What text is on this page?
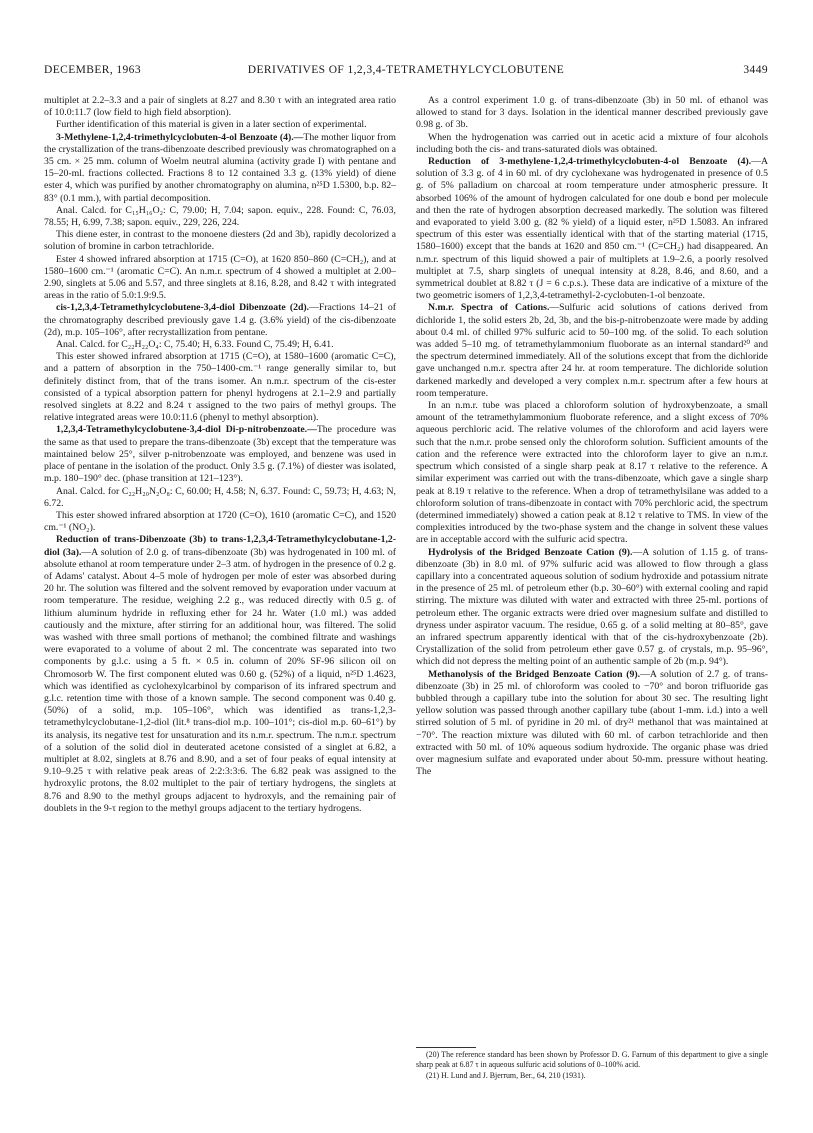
DECEMBER, 1963	DERIVATIVES OF 1,2,3,4-TETRAMETHYLCYCLOBUTENE	3449

multiplet at 2.2–3.3 and a pair of singlets at 8.27 and 8.30 τ with an integrated area ratio of 10.0:11.7 (low field to high field absorption).

Further identification of this material is given in a later section of experimental.

3-Methylene-1,2,4-trimethylcyclobuten-4-ol Benzoate (4).—The mother liquor from the crystallization of the trans-dibenzoate described previously was chromatographed on a 35 cm. × 25 mm. column of Woelm neutral alumina (activity grade I) with pentane and 15–20-ml. fractions collected. Fractions 8 to 12 contained 3.3 g. (13% yield) of diene ester 4, which was purified by another chromatography on alumina, n²⁵D 1.5300, b.p. 82–83° (0.1 mm.), with partial decomposition.

Anal. Calcd. for C₁₅H₁₆O₂: C, 79.00; H, 7.04; sapon. equiv., 228. Found: C, 76.03, 78.55; H, 6.99, 7.38; sapon. equiv., 229, 226, 224.

This diene ester, in contrast to the monoene diesters (2d and 3b), rapidly decolorized a solution of bromine in carbon tetrachloride.

Ester 4 showed infrared absorption at 1715 (C=O), at 1620 850–860 (C=CH₂), and at 1580–1600 cm.⁻¹ (aromatic C=C). An n.m.r. spectrum of 4 showed a multiplet at 2.00–2.90, singlets at 5.06 and 5.57, and three singlets at 8.16, 8.28, and 8.42 τ with integrated areas in the ratio of 5.0:1.9:9.5.

cis-1,2,3,4-Tetramethylcyclobutene-3,4-diol Dibenzoate (2d).—Fractions 14–21 of the chromatography described previously gave 1.4 g. (3.6% yield) of the cis-dibenzoate (2d), m.p. 105–106°, after recrystallization from pentane.

Anal. Calcd. for C₂₂H₂₂O₄: C, 75.40; H, 6.33. Found C, 75.49; H, 6.41.

This ester showed infrared absorption at 1715 (C=O), at 1580–1600 (aromatic C=C), and a pattern of absorption in the 750–1400-cm.⁻¹ range generally similar to, but definitely distinct from, that of the trans isomer. An n.m.r. spectrum of the cis-ester consisted of a typical absorption pattern for phenyl hydrogens at 2.1–2.9 and partially resolved singlets at 8.22 and 8.24 τ assigned to the two pairs of methyl groups. The relative integrated areas were 10.0:11.6 (phenyl to methyl absorption).

1,2,3,4-Tetramethylcyclobutene-3,4-diol Di-p-nitrobenzoate.—The procedure was the same as that used to prepare the trans-dibenzoate (3b) except that the temperature was maintained below 25°, silver p-nitrobenzoate was employed, and benzene was used in place of pentane in the isolation of the product. Only 3.5 g. (7.1%) of diester was isolated, m.p. 180–190° dec. (phase transition at 121–123°).

Anal. Calcd. for C₂₂H₂₀N₂O₈: C, 60.00; H, 4.58; N, 6.37. Found: C, 59.73; H, 4.63; N, 6.72.

This ester showed infrared absorption at 1720 (C=O), 1610 (aromatic C=C), and 1520 cm.⁻¹ (NO₂).

Reduction of trans-Dibenzoate (3b) to trans-1,2,3,4-Tetramethylcyclobutane-1,2-diol (3a).—A solution of 2.0 g. of trans-dibenzoate (3b) was hydrogenated in 100 ml. of absolute ethanol at room temperature under 2–3 atm. of hydrogen in the presence of 0.2 g. of Adams' catalyst. About 4–5 mole of hydrogen per mole of ester was absorbed during 20 hr. The solution was filtered and the solvent removed by evaporation under vacuum at room temperature. The residue, weighing 2.2 g., was reduced directly with 0.5 g. of lithium aluminum hydride in refluxing ether for 24 hr. Water (1.0 ml.) was added cautiously and the mixture, after stirring for an additional hour, was filtered. The solid was washed with three small portions of methanol; the combined filtrate and washings were evaporated to a volume of about 2 ml. The concentrate was separated into two components by g.l.c. using a 5 ft. × 0.5 in. column of 20% SF-96 silicon oil on Chromosorb W. The first component eluted was 0.60 g. (52%) of a liquid, n²⁵D 1.4623, which was identified as cyclohexylcarbinol by comparison of its infrared spectrum and g.l.c. retention time with those of a known sample. The second component was 0.40 g. (50%) of a solid, m.p. 105–106°, which was identified as trans-1,2,3-tetramethylcyclobutane-1,2-diol (lit.⁸ trans-diol m.p. 100–101°; cis-diol m.p. 60–61°) by its analysis, its negative test for unsaturation and its n.m.r. spectrum. The n.m.r. spectrum of a solution of the solid diol in deuterated acetone consisted of a singlet at 6.82, a multiplet at 8.02, singlets at 8.76 and 8.90, and a set of four peaks of equal intensity at 9.10–9.25 τ with relative peak areas of 2:2:3:3:6. The 6.82 peak was assigned to the hydroxylic protons, the 8.02 multiplet to the pair of tertiary hydrogens, the singlets at 8.76 and 8.90 to the methyl groups adjacent to hydroxyls, and the remaining pair of doublets in the 9-τ region to the methyl groups adjacent to the tertiary hydrogens.

As a control experiment 1.0 g. of trans-dibenzoate (3b) in 50 ml. of ethanol was allowed to stand for 3 days. Isolation in the identical manner described previously gave 0.98 g. of 3b.

When the hydrogenation was carried out in acetic acid a mixture of four alcohols including both the cis- and trans-saturated diols was obtained.

Reduction of 3-methylene-1,2,4-trimethylcyclobuten-4-ol Benzoate (4).—A solution of 3.3 g. of 4 in 60 ml. of dry cyclohexane was hydrogenated in presence of 0.5 g. of 5% palladium on charcoal at room temperature under atmospheric pressure. It absorbed 106% of the amount of hydrogen calculated for one doub e bond per molecule and then the rate of hydrogen absorption decreased markedly. The solution was filtered and evaporated to yield 3.00 g. (82 % yield) of a liquid ester, n²⁵D 1.5083. An infrared spectrum of this ester was essentially identical with that of the starting material (1715, 1580–1600) except that the bands at 1620 and 850 cm.⁻¹ (C=CH₂) had disappeared. An n.m.r. spectrum of this liquid showed a pair of multiplets at 1.9–2.6, a poorly resolved multiplet at 7.5, sharp singlets of unequal intensity at 8.28, 8.46, and 8.60, and a symmetrical doublet at 8.82 τ (J = 6 c.p.s.). These data are indicative of a mixture of the two geometric isomers of 1,2,3,4-tetramethyl-2-cyclobuten-1-ol benzoate.

N.m.r. Spectra of Cations.—Sulfuric acid solutions of cations derived from dichloride 1, the solid esters 2b, 2d, 3b, and the bis-p-nitrobenzoate were made by adding about 0.4 ml. of chilled 97% sulfuric acid to 50–100 mg. of the solid. To each solution was added 5–10 mg. of tetramethylammonium fluoborate as an internal standard²⁰ and the spectrum determined immediately. All of the solutions except that from the dichloride gave unchanged n.m.r. spectra after 24 hr. at room temperature. The dichloride solution darkened markedly and developed a very complex n.m.r. spectrum after a few hours at room temperature.

In an n.m.r. tube was placed a chloroform solution of hydroxybenzoate, a small amount of the tetramethylammonium fluoborate reference, and a slight excess of 70% aqueous perchloric acid. The relative volumes of the chloroform and acid layers were such that the n.m.r. probe sensed only the chloroform solution. Sufficient amounts of the cation and the reference were extracted into the chloroform layer to give an n.m.r. spectrum which consisted of a single sharp peak at 8.17 τ relative to the reference. A similar experiment was carried out with the trans-dibenzoate, which gave a single sharp peak at 8.19 τ relative to the reference. When a drop of tetramethylsilane was added to a chloroform solution of trans-dibenzoate in contact with 70% perchloric acid, the spectrum (determined immediately) showed a cation peak at 8.12 τ relative to TMS. In view of the complexities introduced by the two-phase system and the change in solvent these values are in acceptable accord with the sulfuric acid spectra.

Hydrolysis of the Bridged Benzoate Cation (9).—A solution of 1.15 g. of trans-dibenzoate (3b) in 8.0 ml. of 97% sulfuric acid was allowed to flow through a glass capillary into a concentrated aqueous solution of sodium hydroxide and potassium nitrate in the presence of 25 ml. of petroleum ether (b.p. 30–60°) with external cooling and rapid stirring. The mixture was diluted with water and extracted with three 25-ml. portions of petroleum ether. The organic extracts were dried over magnesium sulfate and distilled to dryness under aspirator vacuum. The residue, 0.65 g. of a solid melting at 80–85°, gave an infrared spectrum apparently identical with that of the cis-hydroxybenzoate (2b). Crystallization of the solid from petroleum ether gave 0.57 g. of crystals, m.p. 95–96°, which did not depress the melting point of an authentic sample of 2b (m.p. 94°).

Methanolysis of the Bridged Benzoate Cation (9).—A solution of 2.7 g. of trans-dibenzoate (3b) in 25 ml. of chloroform was cooled to −70° and boron trifluoride gas bubbled through a capillary tube into the solution for about 30 sec. The resulting light yellow solution was passed through another capillary tube (about 1-mm. i.d.) into a well stirred solution of 5 ml. of pyridine in 20 ml. of dry²¹ methanol that was maintained at −70°. The reaction mixture was diluted with 60 ml. of carbon tetrachloride and then extracted with 50 ml. of 10% aqueous sodium hydroxide. The organic phase was dried over magnesium sulfate and evaporated under about 50-mm. pressure without heating. The

(20) The reference standard has been shown by Professor D. G. Farnum of this department to give a single sharp peak at 6.87 τ in aqueous sulfuric acid solutions of 0–100% acid.

(21) H. Lund and J. Bjerrum, Ber., 64, 210 (1931).
